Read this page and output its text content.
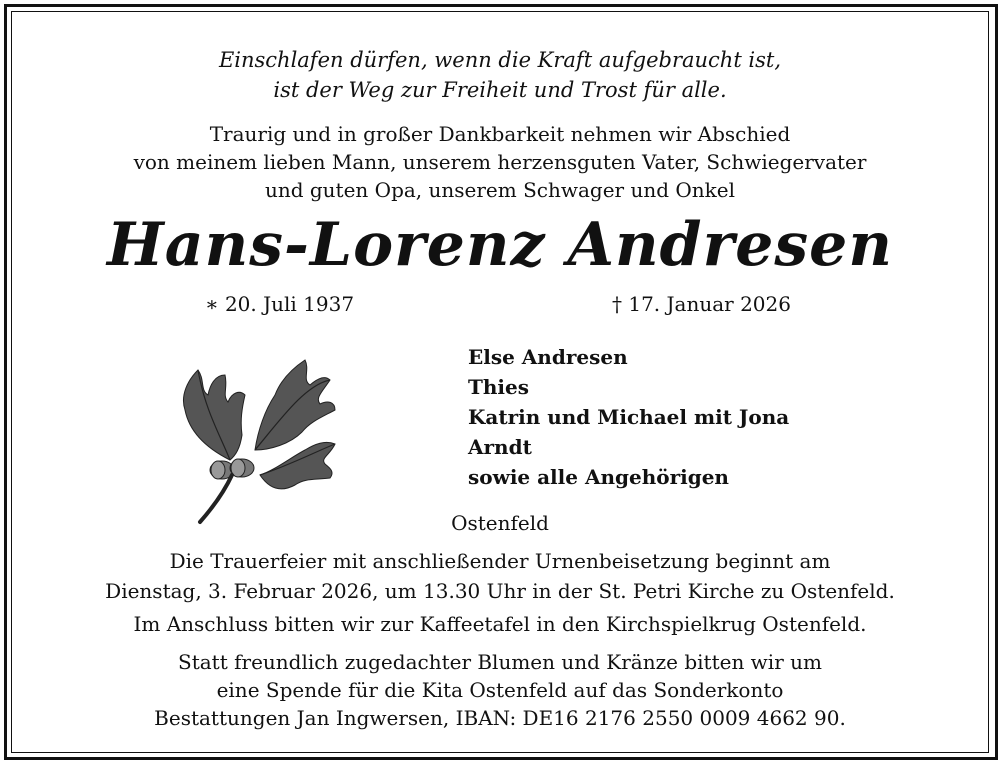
Einschlafen dürfen, wenn die Kraft aufgebraucht ist,
ist der Weg zur Freiheit und Trost für alle.
Traurig und in großer Dankbarkeit nehmen wir Abschied
von meinem lieben Mann, unserem herzensguten Vater, Schwiegervater
und guten Opa, unserem Schwager und Onkel
Hans-Lorenz Andresen
∗ 20. Juli 1937	† 17. Januar 2026
Else Andresen
Thies
Katrin und Michael mit Jona
Arndt
sowie alle Angehörigen
Ostenfeld
Die Trauerfeier mit anschließender Urnenbeisetzung beginnt am
Dienstag, 3. Februar 2026, um 13.30 Uhr in der St. Petri Kirche zu Ostenfeld.
Im Anschluss bitten wir zur Kaffeetafel in den Kirchspielkrug Ostenfeld.
Statt freundlich zugedachter Blumen und Kränze bitten wir um
eine Spende für die Kita Ostenfeld auf das Sonderkonto
Bestattungen Jan Ingwersen, IBAN: DE16 2176 2550 0009 4662 90.
